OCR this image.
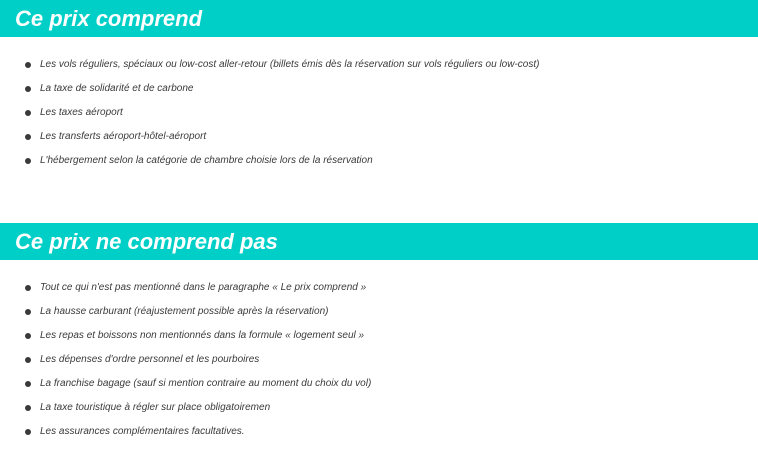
Ce prix comprend
Les vols réguliers, spéciaux ou low-cost aller-retour (billets émis dès la réservation sur vols réguliers ou low-cost)
La taxe de solidarité et de carbone
Les taxes aéroport
Les transferts aéroport-hôtel-aéroport
L'hébergement selon la catégorie de chambre choisie lors de la réservation
Ce prix ne comprend pas
Tout ce qui n'est pas mentionné dans le paragraphe « Le prix comprend »
La hausse carburant (réajustement possible après la réservation)
Les repas et boissons non mentionnés dans la formule « logement seul »
Les dépenses d'ordre personnel et les pourboires
La franchise bagage (sauf si mention contraire au moment du choix du vol)
La taxe touristique à régler sur place obligatoiremen
Les assurances complémentaires facultatives.
